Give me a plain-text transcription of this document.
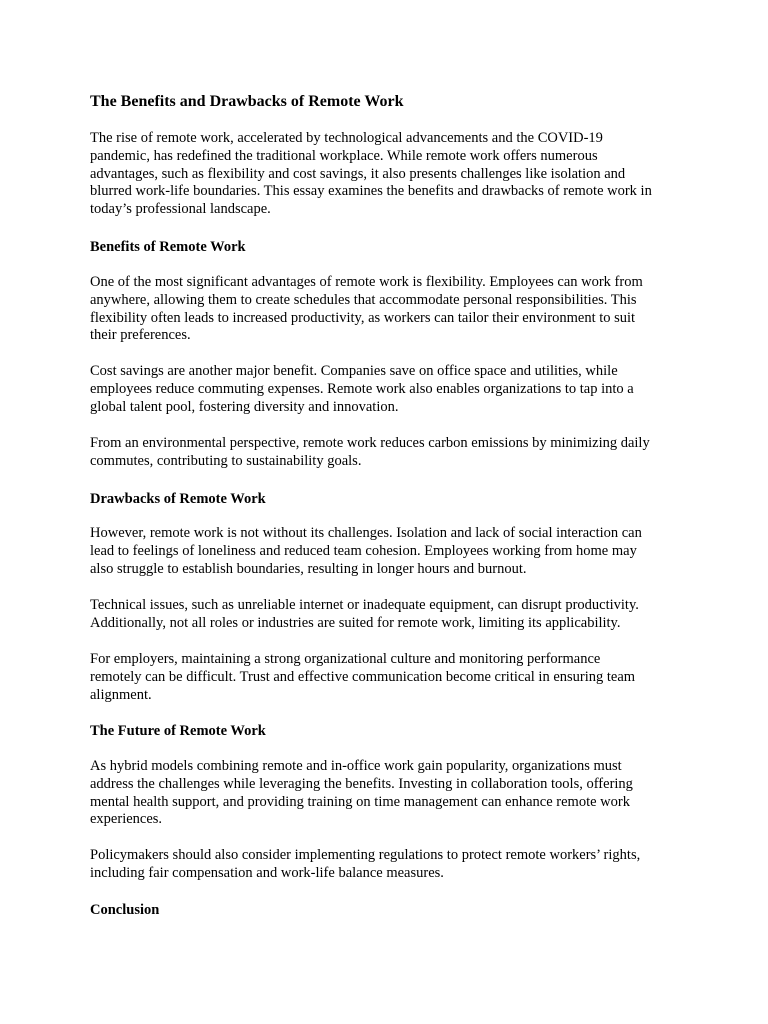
The Benefits and Drawbacks of Remote Work
The rise of remote work, accelerated by technological advancements and the COVID-19
pandemic, has redefined the traditional workplace. While remote work offers numerous
advantages, such as flexibility and cost savings, it also presents challenges like isolation and
blurred work-life boundaries. This essay examines the benefits and drawbacks of remote work in
today’s professional landscape.
Benefits of Remote Work
One of the most significant advantages of remote work is flexibility. Employees can work from
anywhere, allowing them to create schedules that accommodate personal responsibilities. This
flexibility often leads to increased productivity, as workers can tailor their environment to suit
their preferences.
Cost savings are another major benefit. Companies save on office space and utilities, while
employees reduce commuting expenses. Remote work also enables organizations to tap into a
global talent pool, fostering diversity and innovation.
From an environmental perspective, remote work reduces carbon emissions by minimizing daily
commutes, contributing to sustainability goals.
Drawbacks of Remote Work
However, remote work is not without its challenges. Isolation and lack of social interaction can
lead to feelings of loneliness and reduced team cohesion. Employees working from home may
also struggle to establish boundaries, resulting in longer hours and burnout.
Technical issues, such as unreliable internet or inadequate equipment, can disrupt productivity.
Additionally, not all roles or industries are suited for remote work, limiting its applicability.
For employers, maintaining a strong organizational culture and monitoring performance
remotely can be difficult. Trust and effective communication become critical in ensuring team
alignment.
The Future of Remote Work
As hybrid models combining remote and in-office work gain popularity, organizations must
address the challenges while leveraging the benefits. Investing in collaboration tools, offering
mental health support, and providing training on time management can enhance remote work
experiences.
Policymakers should also consider implementing regulations to protect remote workers’ rights,
including fair compensation and work-life balance measures.
Conclusion
